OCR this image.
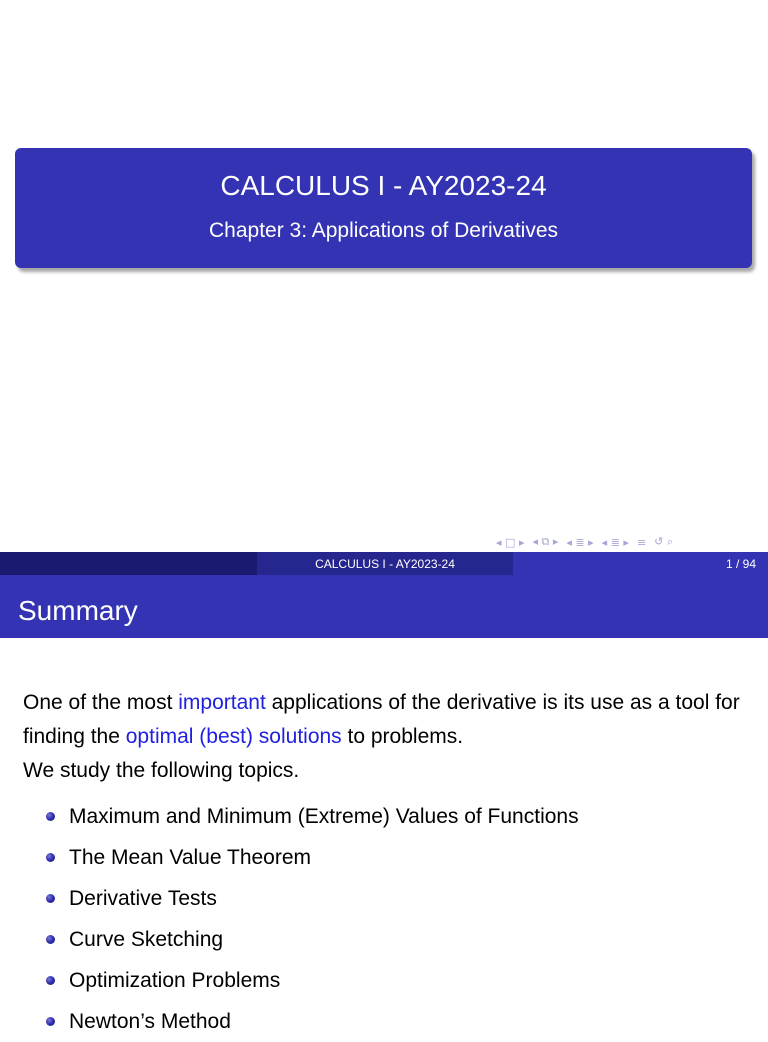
CALCULUS I - AY2023-24
Chapter 3: Applications of Derivatives
◂ □ ▸ ◂ ⧉ ▸ ◂ ≣ ▸ ◂ ≣ ▸ ≡ ↺ ⌕
CALCULUS I - AY2023-24	1 / 94
Summary

One of the most important applications of the derivative is its use as a tool for finding the optimal (best) solutions to problems.

We study the following topics.

Maximum and Minimum (Extreme) Values of Functions
The Mean Value Theorem
Derivative Tests
Curve Sketching
Optimization Problems
Newton’s Method
